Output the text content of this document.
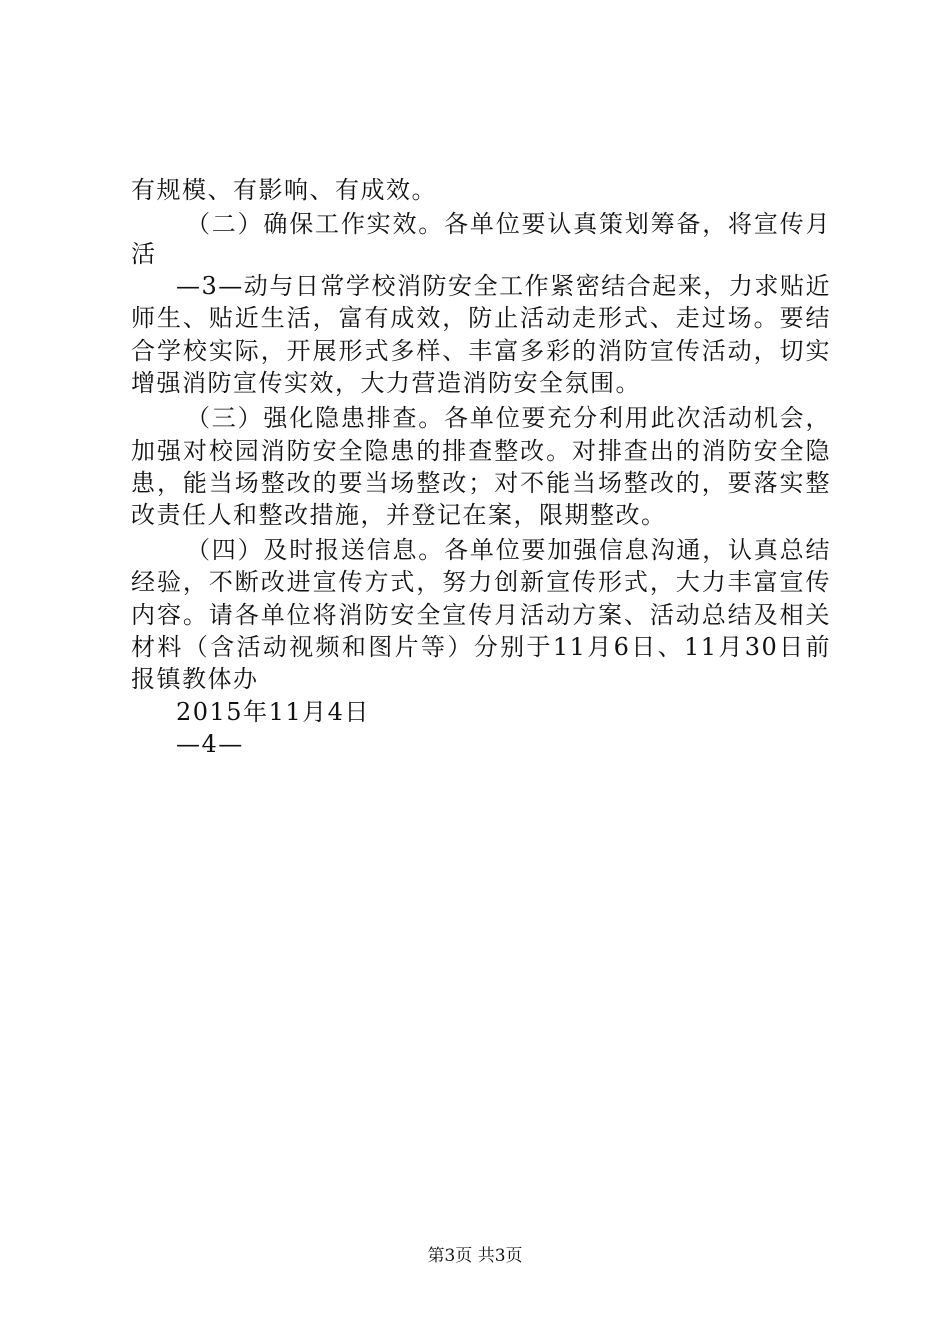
有规模、有影响、有成效。
（二）确保工作实效。各单位要认真策划筹备，将宣传月
活
—3—动与日常学校消防安全工作紧密结合起来，力求贴近
师生、贴近生活，富有成效，防止活动走形式、走过场。要结
合学校实际，开展形式多样、丰富多彩的消防宣传活动，切实
增强消防宣传实效，大力营造消防安全氛围。
（三）强化隐患排查。各单位要充分利用此次活动机会，
加强对校园消防安全隐患的排查整改。对排查出的消防安全隐
患，能当场整改的要当场整改；对不能当场整改的，要落实整
改责任人和整改措施，并登记在案，限期整改。
（四）及时报送信息。各单位要加强信息沟通，认真总结
经验，不断改进宣传方式，努力创新宣传形式，大力丰富宣传
内容。请各单位将消防安全宣传月活动方案、活动总结及相关
材料（含活动视频和图片等）分别于11月6日、11月30日前
报镇教体办
2015年11月4日
—4—
第3页 共3页
